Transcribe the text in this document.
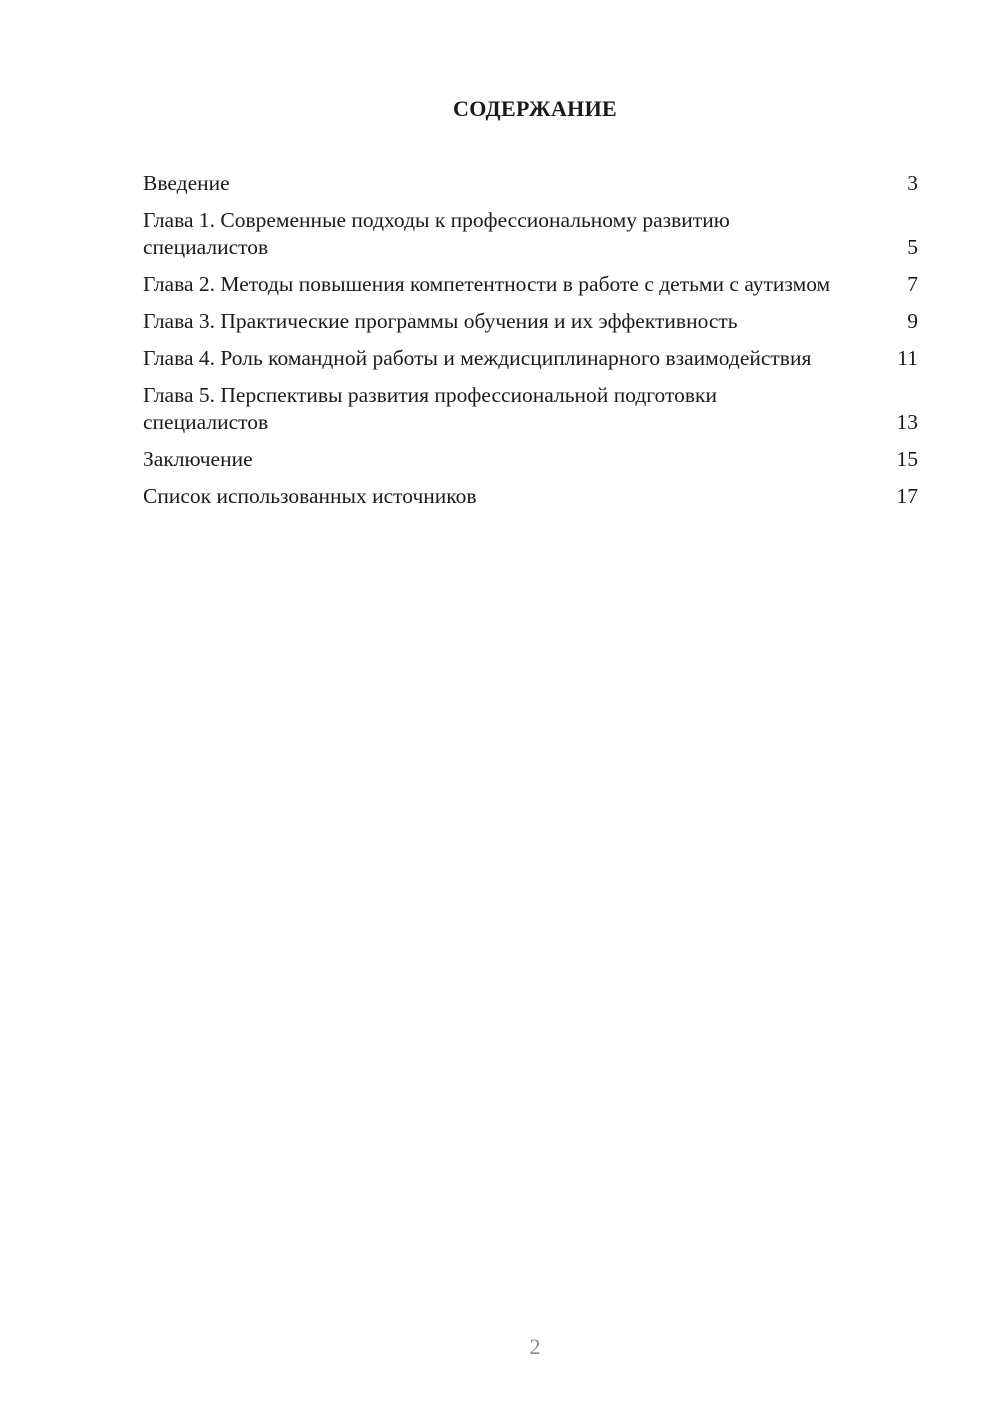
СОДЕРЖАНИЕ
Введение	3
Глава 1. Современные подходы к профессиональному развитию специалистов	5
Глава 2. Методы повышения компетентности в работе с детьми с аутизмом	7
Глава 3. Практические программы обучения и их эффективность	9
Глава 4. Роль командной работы и междисциплинарного взаимодействия	11
Глава 5. Перспективы развития профессиональной подготовки специалистов	13
Заключение	15
Список использованных источников	17
2
